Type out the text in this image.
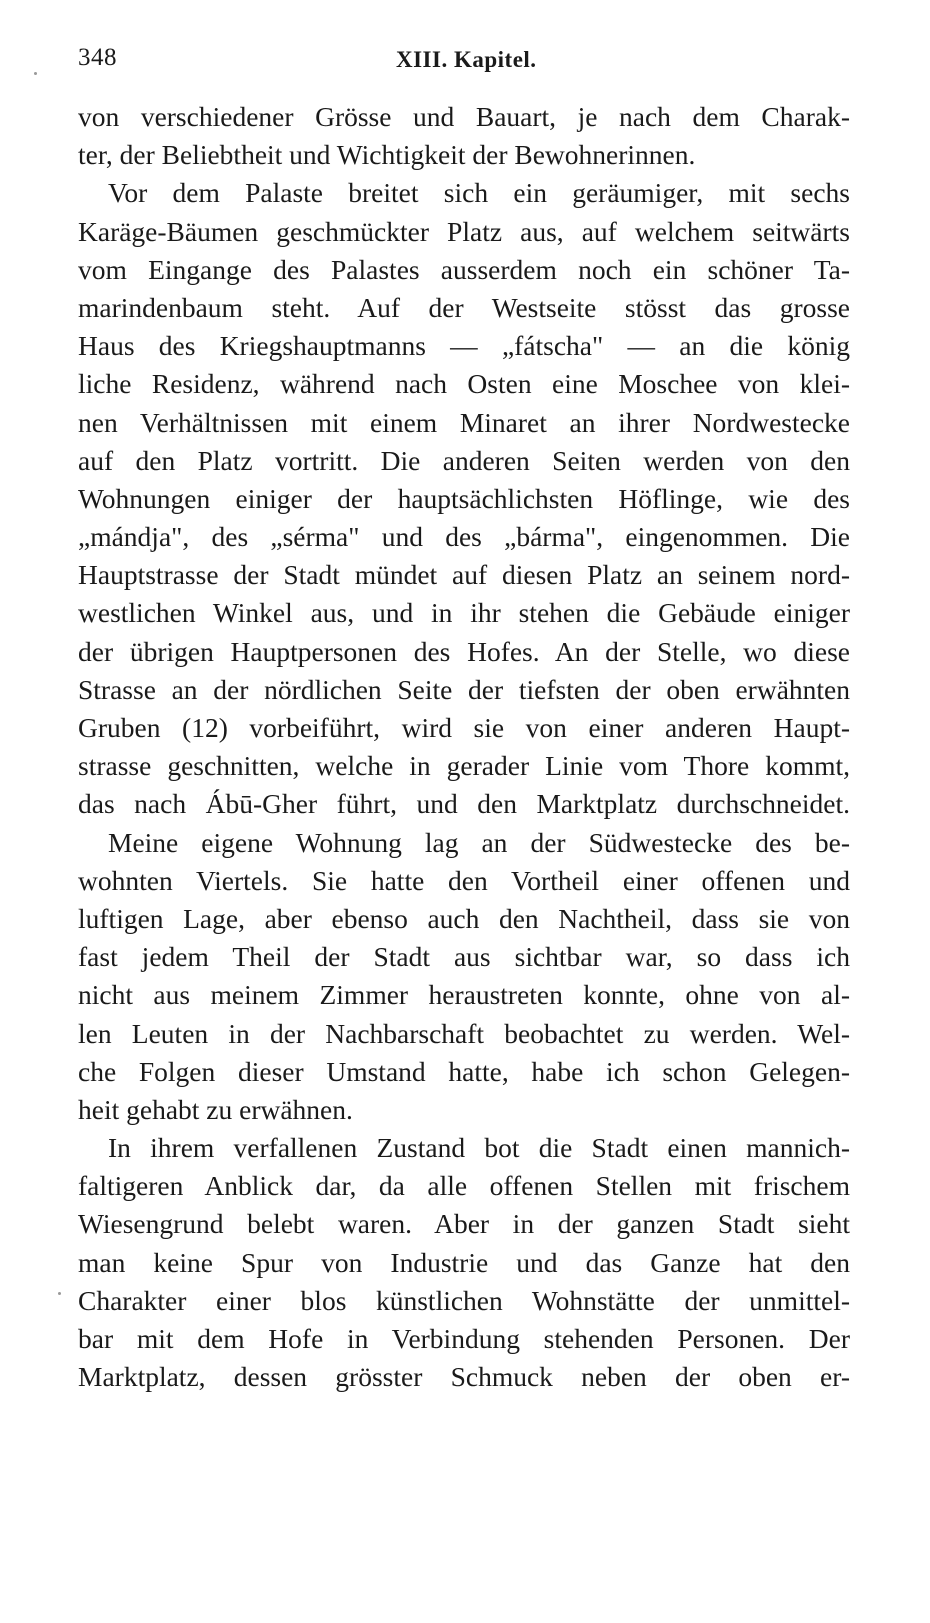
348	XIII. Kapitel.
von verschiedener Grösse und Bauart, je nach dem Charak-
ter, der Beliebtheit und Wichtigkeit der Bewohnerinnen.
Vor dem Palaste breitet sich ein geräumiger, mit sechs
Karäge-Bäumen geschmückter Platz aus, auf welchem seitwärts
vom Eingange des Palastes ausserdem noch ein schöner Ta-
marindenbaum steht. Auf der Westseite stösst das grosse
Haus des Kriegshauptmanns — „fátscha" — an die könig
liche Residenz, während nach Osten eine Moschee von klei-
nen Verhältnissen mit einem Minaret an ihrer Nordwestecke
auf den Platz vortritt. Die anderen Seiten werden von den
Wohnungen einiger der hauptsächlichsten Höflinge, wie des
„mándja", des „sérma" und des „bárma", eingenommen. Die
Hauptstrasse der Stadt mündet auf diesen Platz an seinem nord-
westlichen Winkel aus, und in ihr stehen die Gebäude einiger
der übrigen Hauptpersonen des Hofes. An der Stelle, wo diese
Strasse an der nördlichen Seite der tiefsten der oben erwähnten
Gruben (12) vorbeiführt, wird sie von einer anderen Haupt-
strasse geschnitten, welche in gerader Linie vom Thore kommt,
das nach Ábū-Gher führt, und den Marktplatz durchschneidet.
Meine eigene Wohnung lag an der Südwestecke des be-
wohnten Viertels. Sie hatte den Vortheil einer offenen und
luftigen Lage, aber ebenso auch den Nachtheil, dass sie von
fast jedem Theil der Stadt aus sichtbar war, so dass ich
nicht aus meinem Zimmer heraustreten konnte, ohne von al-
len Leuten in der Nachbarschaft beobachtet zu werden. Wel-
che Folgen dieser Umstand hatte, habe ich schon Gelegen-
heit gehabt zu erwähnen.
In ihrem verfallenen Zustand bot die Stadt einen mannich-
faltigeren Anblick dar, da alle offenen Stellen mit frischem
Wiesengrund belebt waren. Aber in der ganzen Stadt sieht
man keine Spur von Industrie und das Ganze hat den
Charakter einer blos künstlichen Wohnstätte der unmittel-
bar mit dem Hofe in Verbindung stehenden Personen. Der
Marktplatz, dessen grösster Schmuck neben der oben er-
